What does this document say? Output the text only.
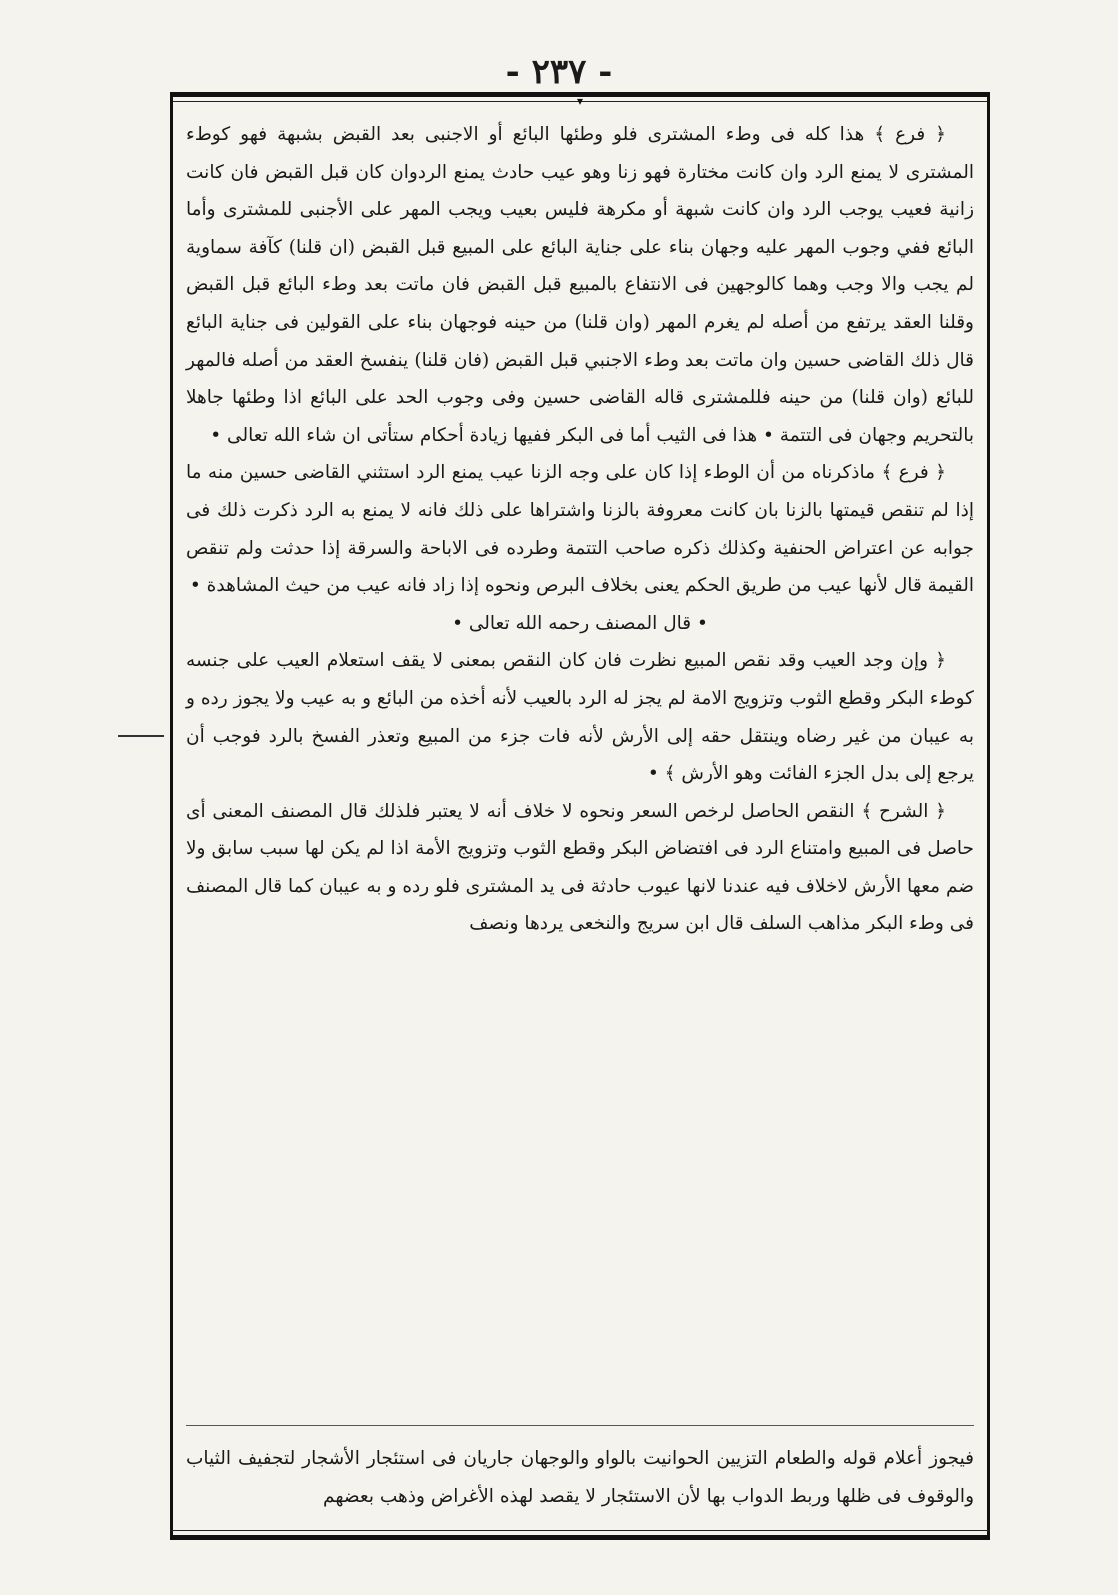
- ٢٣٧ -
▾

﴿ فرع ﴾ هذا كله فى وطء المشترى فلو وطئها البائع أو الاجنبى بعد القبض بشبهة فهو كوطء المشترى لا يمنع الرد وان كانت مختارة فهو زنا وهو عيب حادث يمنع الردوان كان قبل القبض فان كانت زانية فعيب يوجب الرد وان كانت شبهة أو مكرهة فليس بعيب ويجب المهر على الأجنبى للمشترى وأما البائع ففي وجوب المهر عليه وجهان بناء على جناية البائع على المبيع قبل القبض (ان قلنا) كآفة سماوية لم يجب والا وجب وهما كالوجهين فى الانتفاع بالمبيع قبل القبض فان ماتت بعد وطء البائع قبل القبض وقلنا العقد يرتفع من أصله لم يغرم المهر (وان قلنا) من حينه فوجهان بناء على القولين فى جناية البائع قال ذلك القاضى حسين وان ماتت بعد وطء الاجنبي قبل القبض (فان قلنا) ينفسخ العقد من أصله فالمهر للبائع (وان قلنا) من حينه فللمشترى قاله القاضى حسين وفى وجوب الحد على البائع اذا وطئها جاهلا بالتحريم وجهان فى التتمة • هذا فى الثيب أما فى البكر ففيها زيادة أحكام ستأتى ان شاء الله تعالى •

﴿ فرع ﴾ ماذكرناه من أن الوطء إذا كان على وجه الزنا عيب يمنع الرد استثني القاضى حسين منه ما إذا لم تنقص قيمتها بالزنا بان كانت معروفة بالزنا واشتراها على ذلك فانه لا يمنع به الرد ذكرت ذلك فى جوابه عن اعتراض الحنفية وكذلك ذكره صاحب التتمة وطرده فى الاباحة والسرقة إذا حدثت ولم تنقص القيمة قال لأنها عيب من طريق الحكم يعنى بخلاف البرص ونحوه إذا زاد فانه عيب من حيث المشاهدة •

• قال المصنف رحمه الله تعالى •

﴿ وإن وجد العيب وقد نقص المبيع نظرت فان كان النقص بمعنى لا يقف استعلام العيب على جنسه كوطء البكر وقطع الثوب وتزويج الامة لم يجز له الرد بالعيب لأنه أخذه من البائع و به عيب ولا يجوز رده و به عيبان من غير رضاه وينتقل حقه إلى الأرش لأنه فات جزء من المبيع وتعذر الفسخ بالرد فوجب أن يرجع إلى بدل الجزء الفائت وهو الأرش ﴾ •

﴿ الشرح ﴾ النقص الحاصل لرخص السعر ونحوه لا خلاف أنه لا يعتبر فلذلك قال المصنف المعنى أى حاصل فى المبيع وامتناع الرد فى افتضاض البكر وقطع الثوب وتزويج الأمة اذا لم يكن لها سبب سابق ولا ضم معها الأرش لاخلاف فيه عندنا لانها عيوب حادثة فى يد المشترى فلو رده و به عيبان كما قال المصنف فى وطء البكر مذاهب السلف قال ابن سريج والنخعى يردها ونصف

فيجوز أعلام قوله والطعام التزيين الحوانيت بالواو والوجهان جاريان فى استئجار الأشجار لتجفيف الثياب والوقوف فى ظلها وربط الدواب بها لأن الاستئجار لا يقصد لهذه الأغراض وذهب بعضهم
